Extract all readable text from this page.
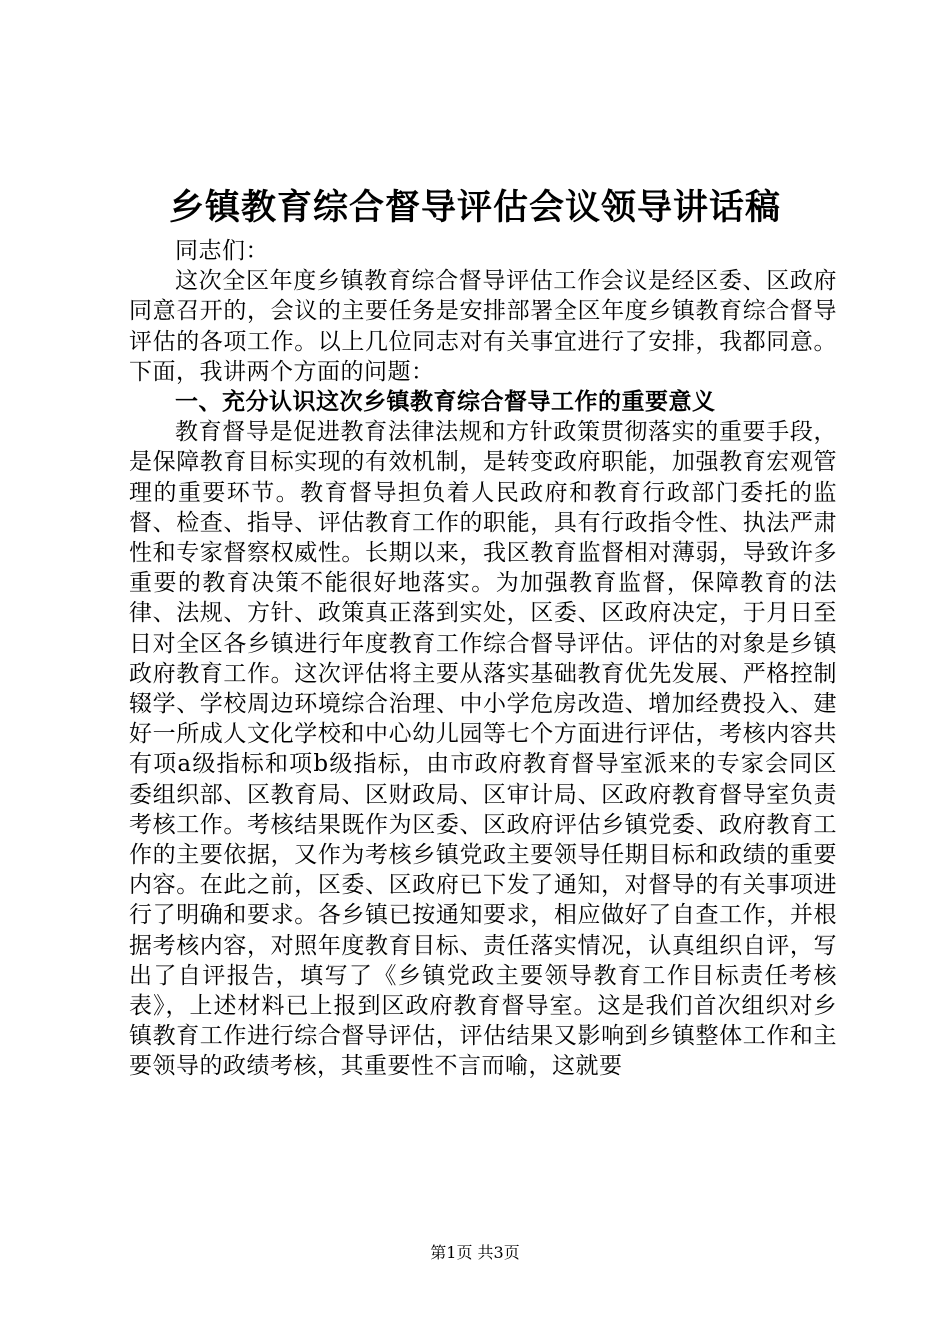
乡镇教育综合督导评估会议领导讲话稿

同志们：

这次全区年度乡镇教育综合督导评估工作会议是经区委、区政府同意召开的，会议的主要任务是安排部署全区年度乡镇教育综合督导评估的各项工作。以上几位同志对有关事宜进行了安排，我都同意。下面，我讲两个方面的问题：

一、充分认识这次乡镇教育综合督导工作的重要意义

教育督导是促进教育法律法规和方针政策贯彻落实的重要手段，是保障教育目标实现的有效机制，是转变政府职能，加强教育宏观管理的重要环节。教育督导担负着人民政府和教育行政部门委托的监督、检查、指导、评估教育工作的职能，具有行政指令性、执法严肃性和专家督察权威性。长期以来，我区教育监督相对薄弱，导致许多重要的教育决策不能很好地落实。为加强教育监督，保障教育的法律、法规、方针、政策真正落到实处，区委、区政府决定，于月日至日对全区各乡镇进行年度教育工作综合督导评估。评估的对象是乡镇政府教育工作。这次评估将主要从落实基础教育优先发展、严格控制辍学、学校周边环境综合治理、中小学危房改造、增加经费投入、建好一所成人文化学校和中心幼儿园等七个方面进行评估，考核内容共有项a级指标和项b级指标，由市政府教育督导室派来的专家会同区委组织部、区教育局、区财政局、区审计局、区政府教育督导室负责考核工作。考核结果既作为区委、区政府评估乡镇党委、政府教育工作的主要依据，又作为考核乡镇党政主要领导任期目标和政绩的重要内容。在此之前，区委、区政府已下发了通知，对督导的有关事项进行了明确和要求。各乡镇已按通知要求，相应做好了自查工作，并根据考核内容，对照年度教育目标、责任落实情况，认真组织自评，写出了自评报告，填写了《乡镇党政主要领导教育工作目标责任考核表》，上述材料已上报到区政府教育督导室。这是我们首次组织对乡镇教育工作进行综合督导评估，评估结果又影响到乡镇整体工作和主要领导的政绩考核，其重要性不言而喻，这就要

第1页 共3页
